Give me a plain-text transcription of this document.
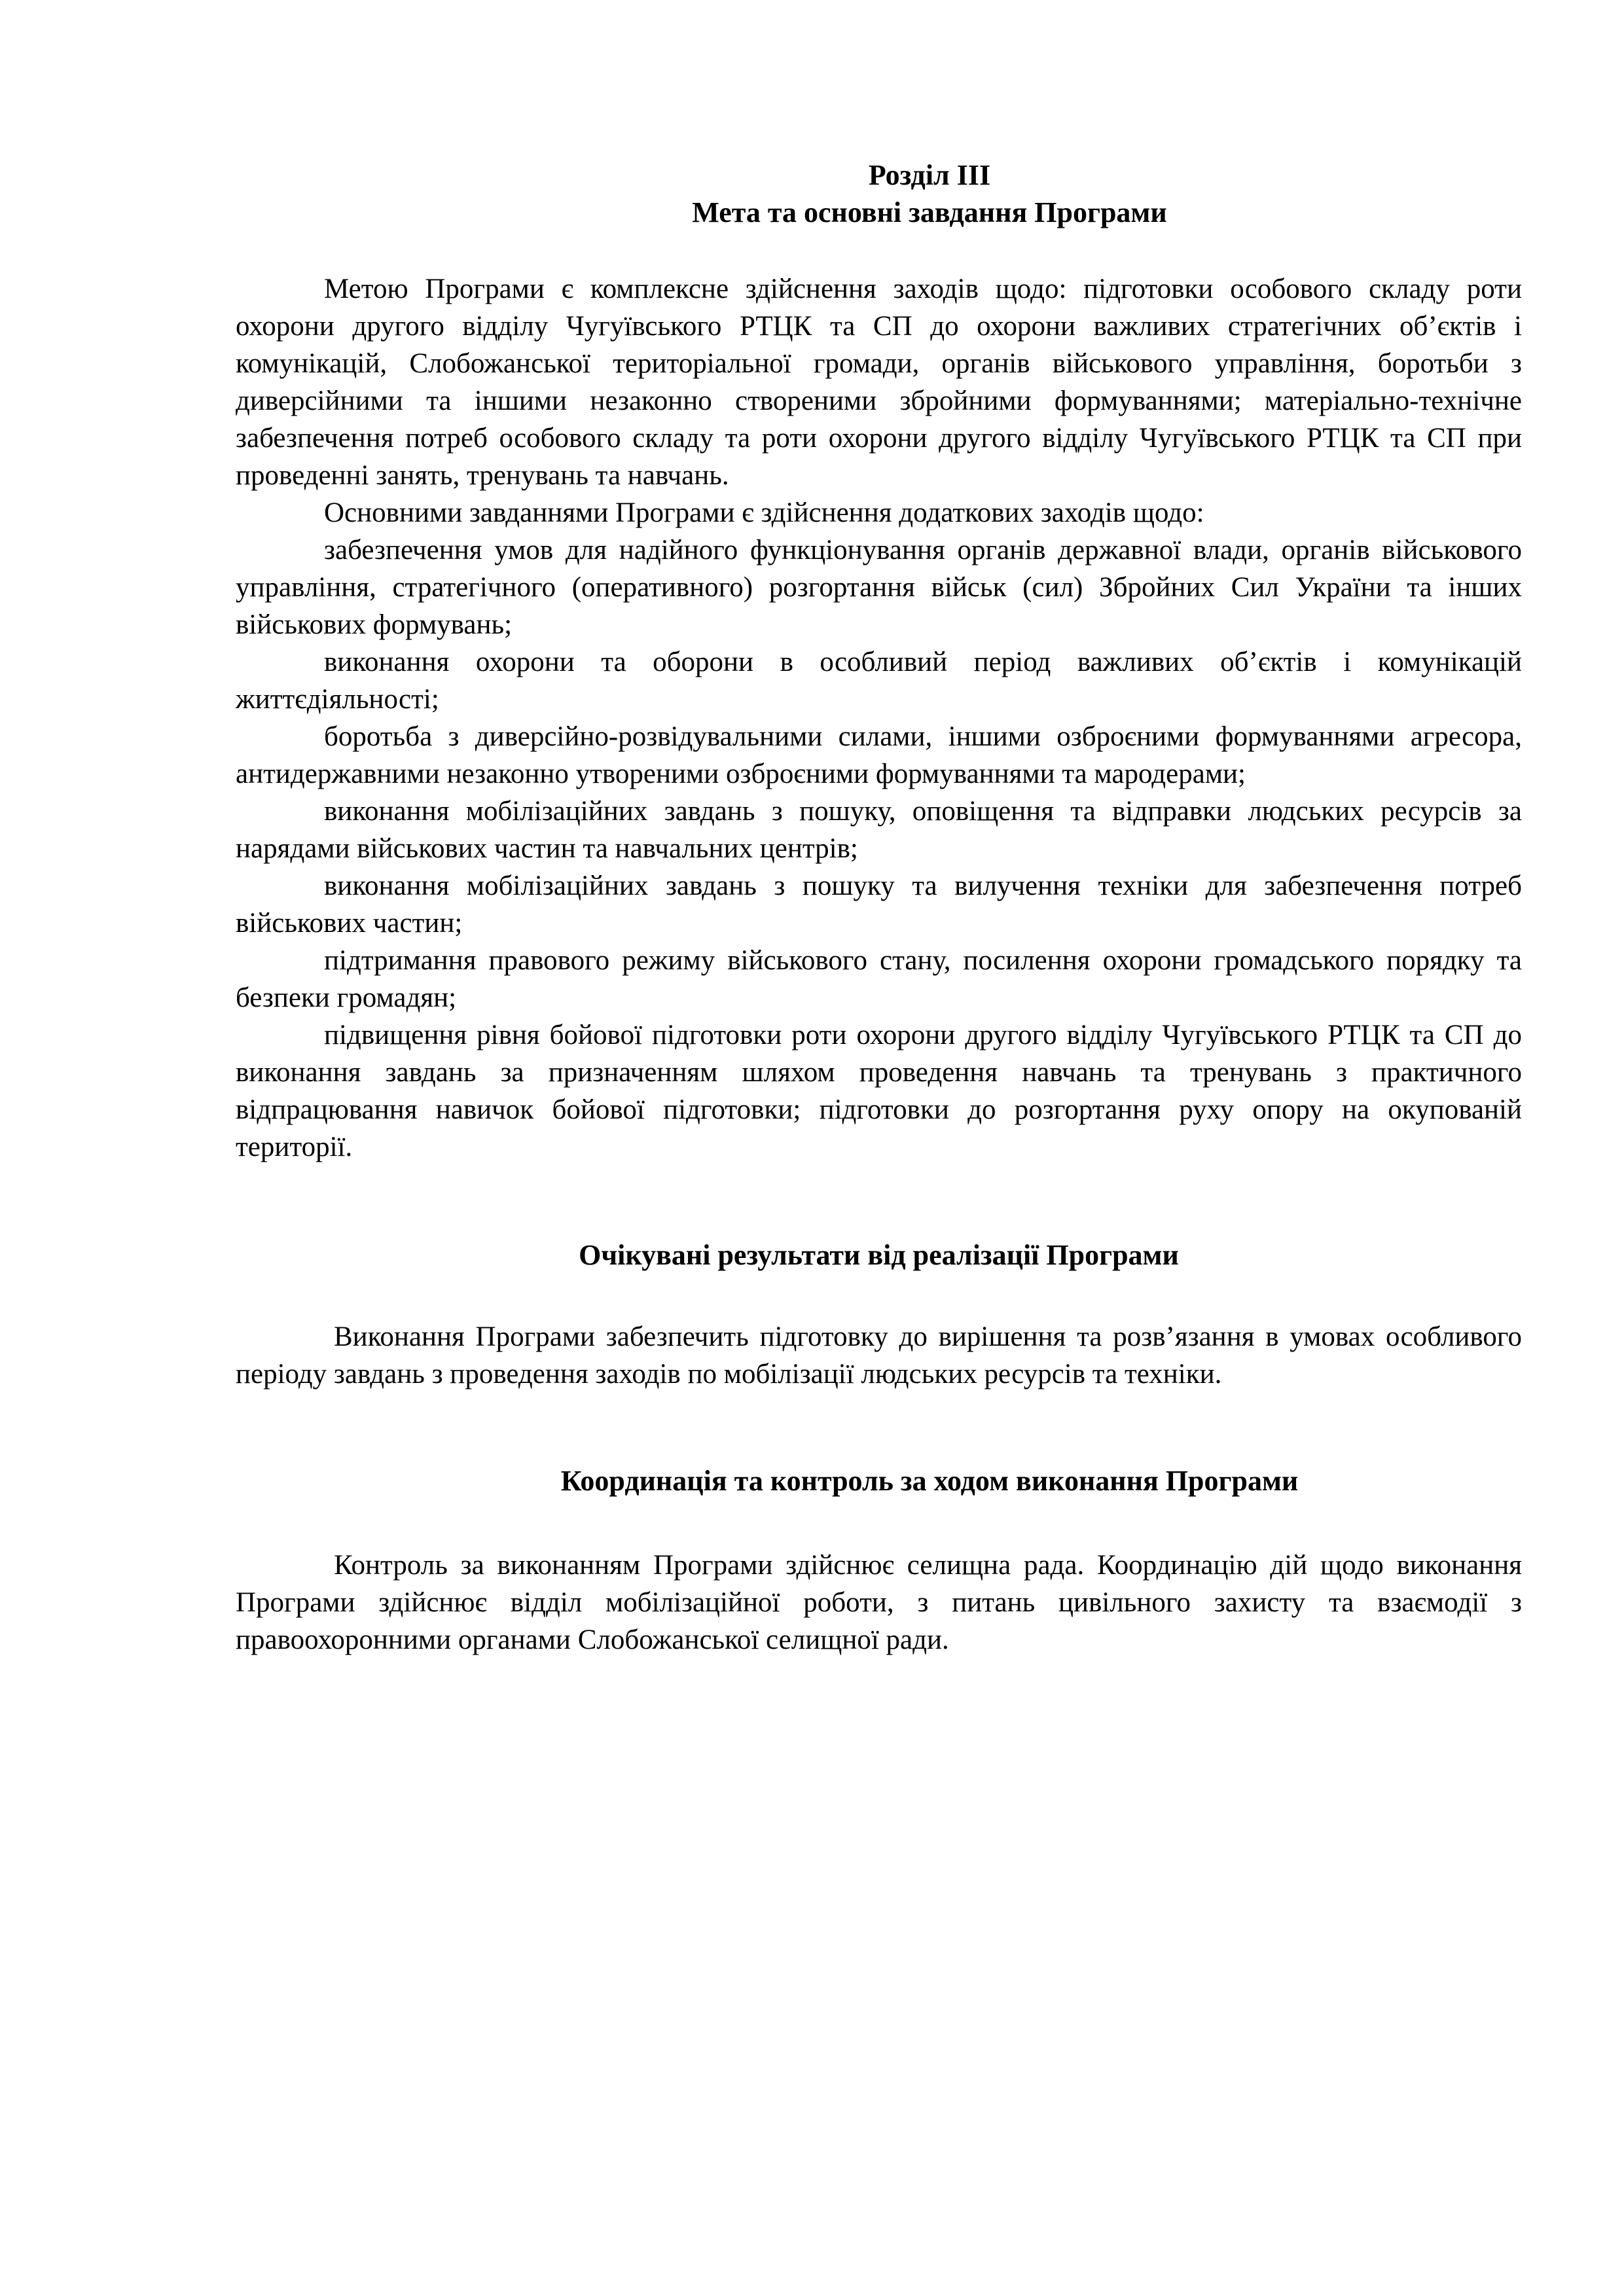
Розділ ІІІ

Мета та основні завдання Програми

Метою Програми є комплексне здійснення заходів щодо: підготовки особового складу роти охорони другого відділу Чугуївського РТЦК та СП до охорони важливих стратегічних об’єктів і комунікацій, Слобожанської територіальної громади, органів військового управління, боротьби з диверсійними та іншими незаконно створеними збройними формуваннями; матеріально-технічне забезпечення потреб особового складу та роти охорони другого відділу Чугуївського РТЦК та СП при проведенні занять, тренувань та навчань.

Основними завданнями Програми є здійснення додаткових заходів щодо:

забезпечення умов для надійного функціонування органів державної влади, органів військового управління, стратегічного (оперативного) розгортання військ (сил) Збройних Сил України та інших військових формувань;

виконання охорони та оборони в особливий період важливих об’єктів і комунікацій життєдіяльності;

боротьба з диверсійно-розвідувальними силами, іншими озброєними формуваннями агресора, антидержавними незаконно утвореними озброєними формуваннями та мародерами;

виконання мобілізаційних завдань з пошуку, оповіщення та відправки людських ресурсів за нарядами військових частин та навчальних центрів;

виконання мобілізаційних завдань з пошуку та вилучення техніки для забезпечення потреб військових частин;

підтримання правового режиму військового стану, посилення охорони громадського порядку та безпеки громадян;

підвищення рівня бойової підготовки роти охорони другого відділу Чугуївського РТЦК та СП до виконання завдань за призначенням шляхом проведення навчань та тренувань з практичного відпрацювання навичок бойової підготовки; підготовки до розгортання руху опору на окупованій території.

Очікувані результати від реалізації Програми

Виконання Програми забезпечить підготовку до вирішення та розв’язання в умовах особливого періоду завдань з проведення заходів по мобілізації людських ресурсів та техніки.

Координація та контроль за ходом виконання Програми

Контроль за виконанням Програми здійснює селищна рада. Координацію дій щодо виконання Програми здійснює відділ мобілізаційної роботи, з питань цивільного захисту та взаємодії з правоохоронними органами Слобожанської селищної ради.
